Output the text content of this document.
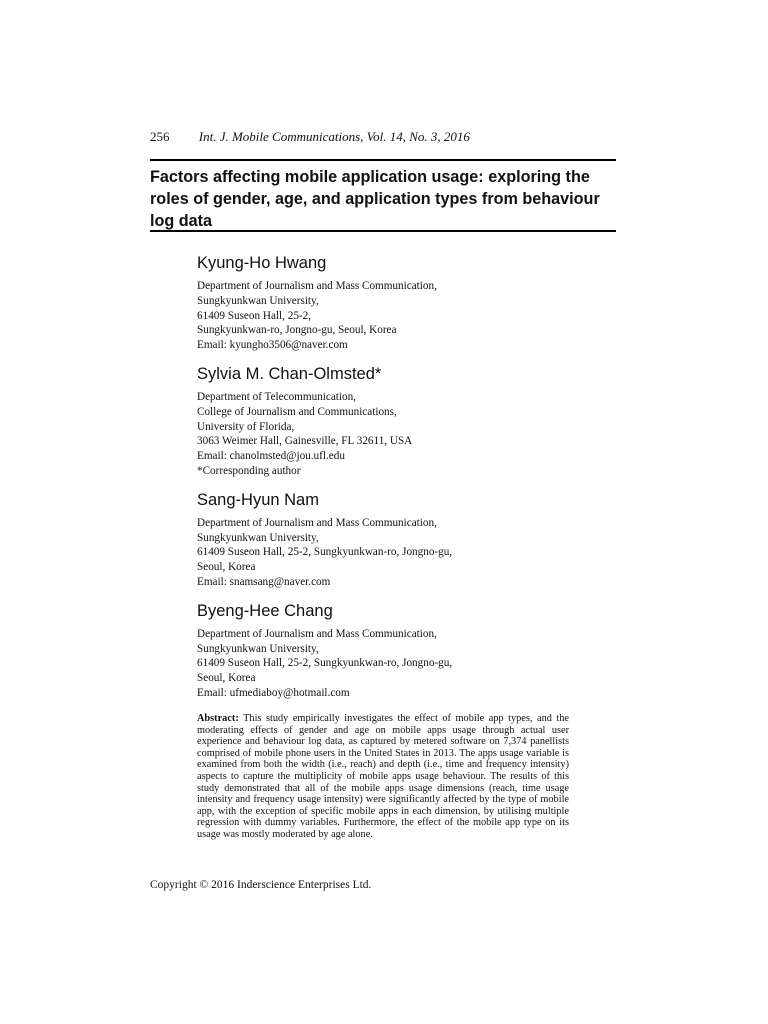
256 Int. J. Mobile Communications, Vol. 14, No. 3, 2016
Factors affecting mobile application usage: exploring the roles of gender, age, and application types from behaviour log data
Kyung-Ho Hwang
Department of Journalism and Mass Communication,
Sungkyunkwan University,
61409 Suseon Hall, 25-2,
Sungkyunkwan-ro, Jongno-gu, Seoul, Korea
Email: kyungho3506@naver.com
Sylvia M. Chan-Olmsted*
Department of Telecommunication,
College of Journalism and Communications,
University of Florida,
3063 Weimer Hall, Gainesville, FL 32611, USA
Email: chanolmsted@jou.ufl.edu
*Corresponding author
Sang-Hyun Nam
Department of Journalism and Mass Communication,
Sungkyunkwan University,
61409 Suseon Hall, 25-2, Sungkyunkwan-ro, Jongno-gu,
Seoul, Korea
Email: snamsang@naver.com
Byeng-Hee Chang
Department of Journalism and Mass Communication,
Sungkyunkwan University,
61409 Suseon Hall, 25-2, Sungkyunkwan-ro, Jongno-gu,
Seoul, Korea
Email: ufmediaboy@hotmail.com

Abstract: This study empirically investigates the effect of mobile app types, and the moderating effects of gender and age on mobile apps usage through actual user experience and behaviour log data, as captured by metered software on 7,374 panellists comprised of mobile phone users in the United States in 2013. The apps usage variable is examined from both the width (i.e., reach) and depth (i.e., time and frequency intensity) aspects to capture the multiplicity of mobile apps usage behaviour. The results of this study demonstrated that all of the mobile apps usage dimensions (reach, time usage intensity and frequency usage intensity) were significantly affected by the type of mobile app, with the exception of specific mobile apps in each dimension, by utilising multiple regression with dummy variables. Furthermore, the effect of the mobile app type on its usage was mostly moderated by age alone.

Copyright © 2016 Inderscience Enterprises Ltd.
